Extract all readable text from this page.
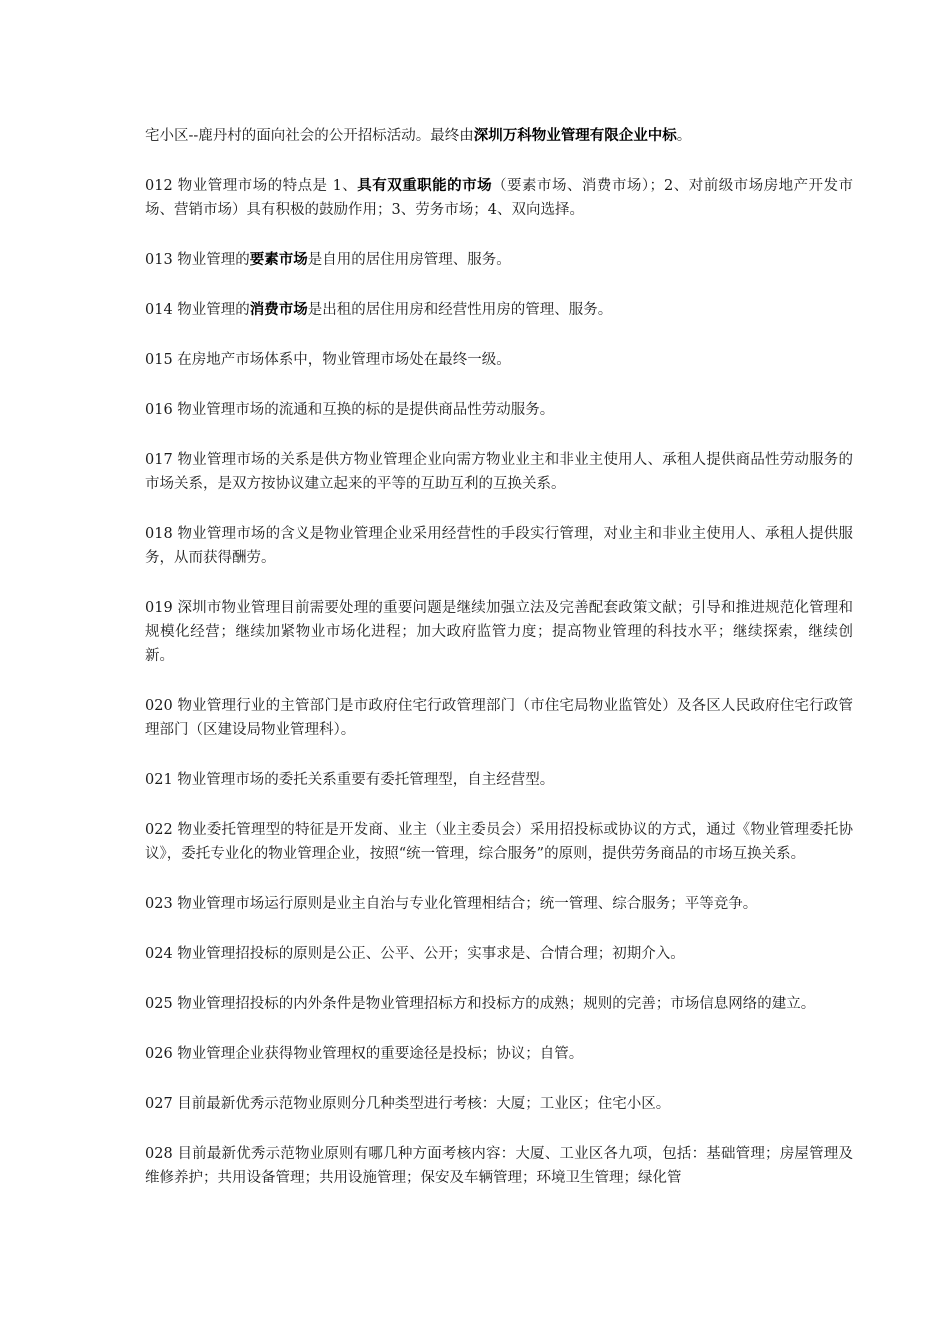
宅小区--鹿丹村的面向社会的公开招标活动。最终由深圳万科物业管理有限企业中标。

012 物业管理市场的特点是 1、具有双重职能的市场（要素市场、消费市场）；2、对前级市场房地产开发市场、营销市场）具有积极的鼓励作用；3、劳务市场；4、双向选择。

013 物业管理的要素市场是自用的居住用房管理、服务。

014 物业管理的消费市场是出租的居住用房和经营性用房的管理、服务。

015 在房地产市场体系中，物业管理市场处在最终一级。

016 物业管理市场的流通和互换的标的是提供商品性劳动服务。

017 物业管理市场的关系是供方物业管理企业向需方物业业主和非业主使用人、承租人提供商品性劳动服务的市场关系，是双方按协议建立起来的平等的互助互利的互换关系。

018 物业管理市场的含义是物业管理企业采用经营性的手段实行管理，对业主和非业主使用人、承租人提供服务，从而获得酬劳。

019 深圳市物业管理目前需要处理的重要问题是继续加强立法及完善配套政策文献；引导和推进规范化管理和规模化经营；继续加紧物业市场化进程；加大政府监管力度；提高物业管理的科技水平；继续探索，继续创新。

020 物业管理行业的主管部门是市政府住宅行政管理部门（市住宅局物业监管处）及各区人民政府住宅行政管理部门（区建设局物业管理科）。

021 物业管理市场的委托关系重要有委托管理型，自主经营型。

022 物业委托管理型的特征是开发商、业主（业主委员会）采用招投标或协议的方式，通过《物业管理委托协议》，委托专业化的物业管理企业，按照“统一管理，综合服务”的原则，提供劳务商品的市场互换关系。

023 物业管理市场运行原则是业主自治与专业化管理相结合；统一管理、综合服务；平等竞争。

024 物业管理招投标的原则是公正、公平、公开；实事求是、合情合理；初期介入。

025 物业管理招投标的内外条件是物业管理招标方和投标方的成熟；规则的完善；市场信息网络的建立。

026 物业管理企业获得物业管理权的重要途径是投标；协议；自管。

027 目前最新优秀示范物业原则分几种类型进行考核：大厦；工业区；住宅小区。

028 目前最新优秀示范物业原则有哪几种方面考核内容：大厦、工业区各九项，包括：基础管理；房屋管理及维修养护；共用设备管理；共用设施管理；保安及车辆管理；环境卫生管理；绿化管
